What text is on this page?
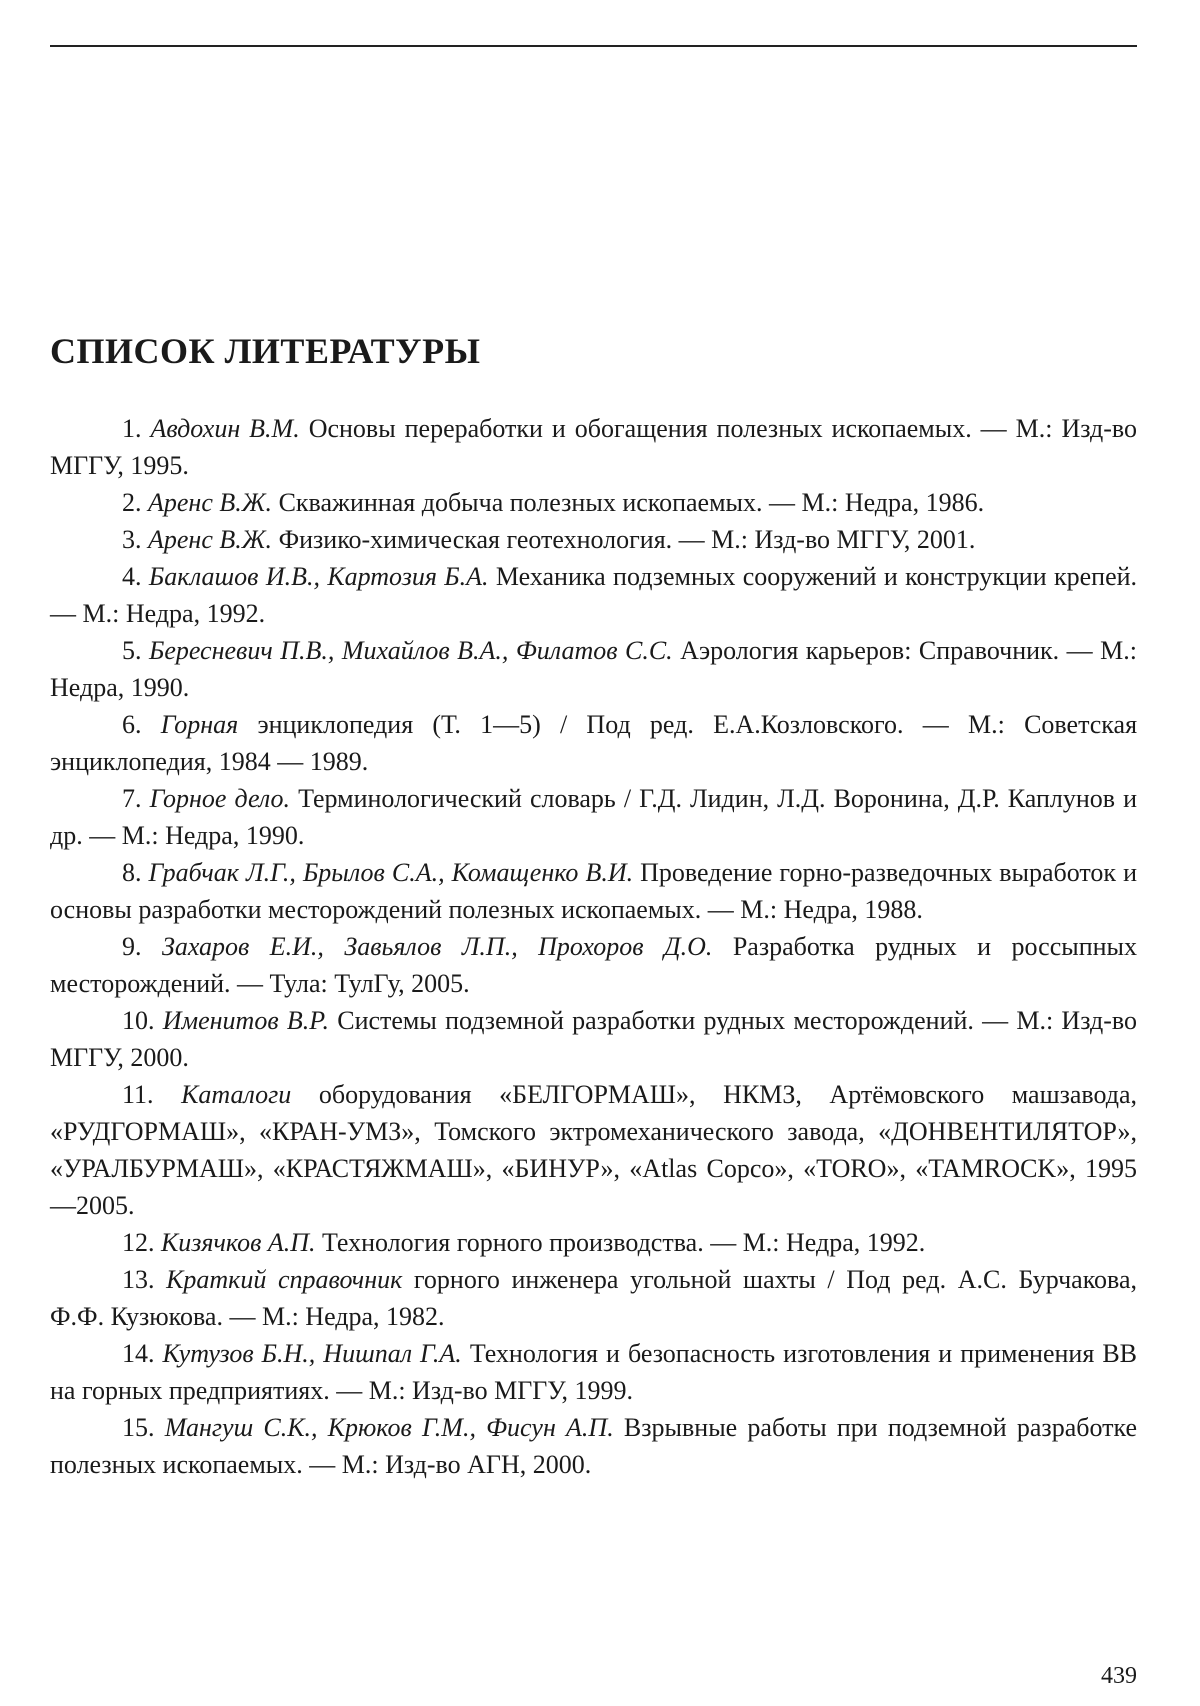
СПИСОК ЛИТЕРАТУРЫ

1. Авдохин В.М. Основы переработки и обогащения полезных ископаемых. — М.: Изд-во МГГУ, 1995.

2. Аренс В.Ж. Скважинная добыча полезных ископаемых. — М.: Недра, 1986.

3. Аренс В.Ж. Физико-химическая геотехнология. — М.: Изд-во МГГУ, 2001.

4. Баклашов И.В., Картозия Б.А. Механика подземных сооружений и конструкции крепей. — М.: Недра, 1992.

5. Бересневич П.В., Михайлов В.А., Филатов С.С. Аэрология карьеров: Справочник. — М.: Недра, 1990.

6. Горная энциклопедия (Т. 1—5) / Под ред. Е.А.Козловского. — М.: Советская энциклопедия, 1984 — 1989.

7. Горное дело. Терминологический словарь / Г.Д. Лидин, Л.Д. Воронина, Д.Р. Каплунов и др. — М.: Недра, 1990.

8. Грабчак Л.Г., Брылов С.А., Комащенко В.И. Проведение горно-разведочных выработок и основы разработки месторождений полезных ископаемых. — М.: Недра, 1988.

9. Захаров Е.И., Завьялов Л.П., Прохоров Д.О. Разработка рудных и россыпных месторождений. — Тула: ТулГу, 2005.

10. Именитов В.Р. Системы подземной разработки рудных месторождений. — М.: Изд-во МГГУ, 2000.

11. Каталоги оборудования «БЕЛГОРМАШ», НКМЗ, Артёмовского машзавода, «РУДГОРМАШ», «КРАН-УМЗ», Томского эктромеханического завода, «ДОНВЕНТИЛЯТОР», «УРАЛБУРМАШ», «КРАСТЯЖМАШ», «БИНУР», «Atlas Copco», «TORO», «TAMROCK», 1995—2005.

12. Кизячков А.П. Технология горного производства. — М.: Недра, 1992.

13. Краткий справочник горного инженера угольной шахты / Под ред. А.С. Бурчакова, Ф.Ф. Кузюкова. — М.: Недра, 1982.

14. Кутузов Б.Н., Нишпал Г.А. Технология и безопасность изготовления и применения ВВ на горных предприятиях. — М.: Изд-во МГГУ, 1999.

15. Мангуш С.К., Крюков Г.М., Фисун А.П. Взрывные работы при подземной разработке полезных ископаемых. — М.: Изд-во АГН, 2000.

439
